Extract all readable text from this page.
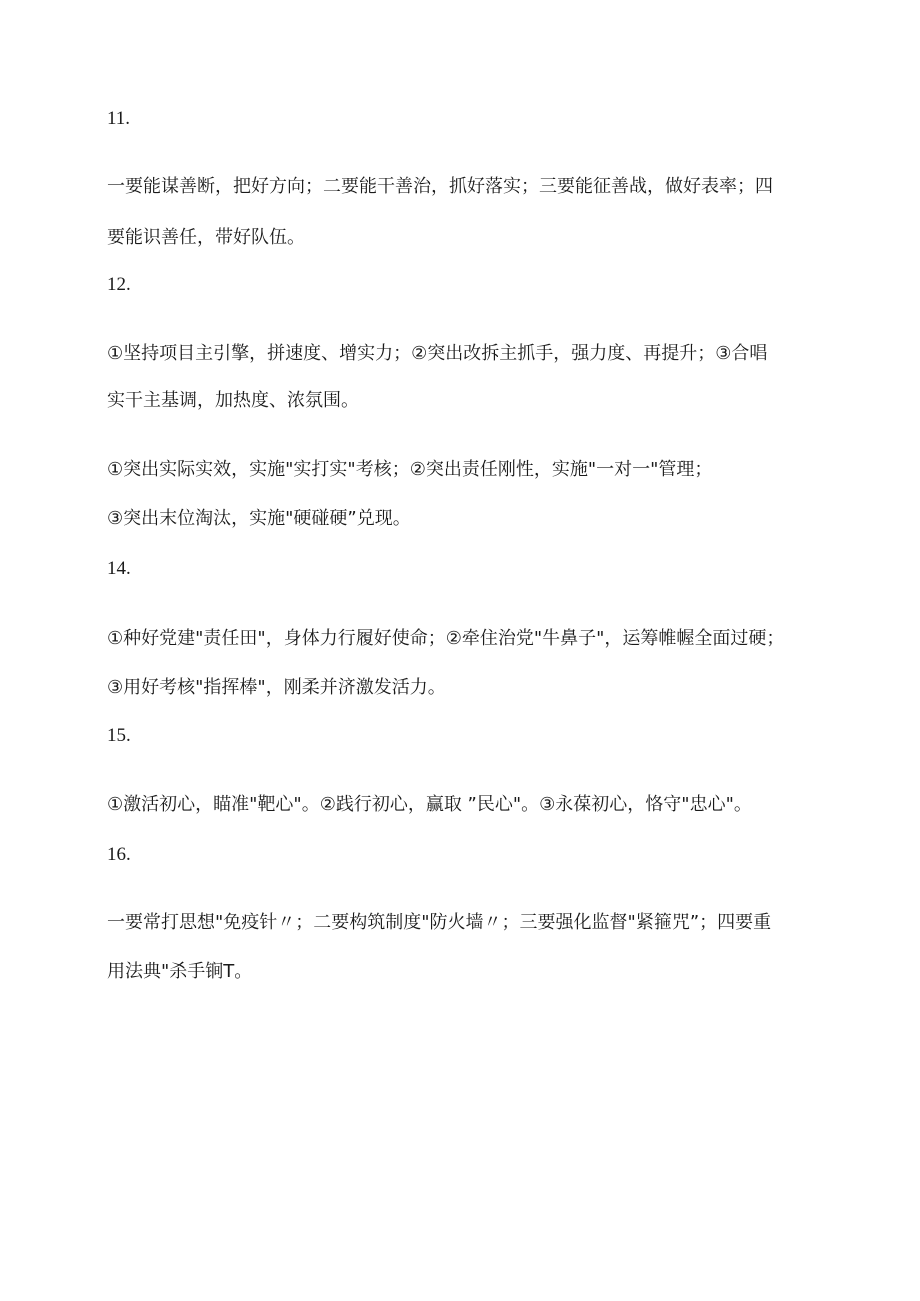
11.
一要能谋善断，把好方向；二要能干善治，抓好落实；三要能征善战，做好表率；四
要能识善任，带好队伍。
12.
①坚持项目主引擎，拼速度、增实力；②突出改拆主抓手，强力度、再提升；③合唱
实干主基调，加热度、浓氛围。
①突出实际实效，实施"实打实"考核；②突出责任刚性，实施"一对一"管理；
③突出末位淘汰，实施"硬碰硬”兑现。
14.
①种好党建"责任田"，身体力行履好使命；②牵住治党"牛鼻子"，运筹帷幄全面过硬；
③用好考核"指挥棒"，刚柔并济激发活力。
15.
①激活初心，瞄准"靶心"。②践行初心，赢取 ”民心"。③永葆初心，恪守"忠心"。
16.
一要常打思想"免疫针〃；二要构筑制度"防火墙〃；三要强化监督"紧箍咒”；四要重
用法典"杀手锏T。
